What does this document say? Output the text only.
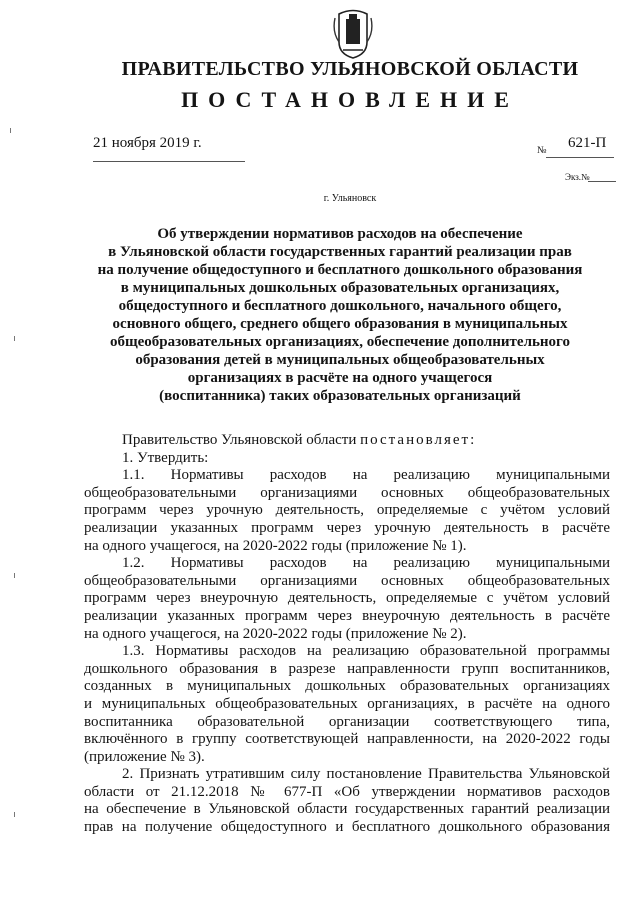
ПРАВИТЕЛЬСТВО УЛЬЯНОВСКОЙ ОБЛАСТИ
ПОСТАНОВЛЕНИЕ
21 ноября 2019 г.	№ 621-П
Экз.№
г. Ульяновск
Об утверждении нормативов расходов на обеспечение
в Ульяновской области государственных гарантий реализации прав
на получение общедоступного и бесплатного дошкольного образования
в муниципальных дошкольных образовательных организациях,
общедоступного и бесплатного дошкольного, начального общего,
основного общего, среднего общего образования в муниципальных
общеобразовательных организациях, обеспечение дополнительного
образования детей в муниципальных общеобразовательных
организациях в расчёте на одного учащегося
(воспитанника) таких образовательных организаций

Правительство Ульяновской области постановляет:

1. Утвердить:

1.1. Нормативы расходов на реализацию муниципальными
общеобразовательными организациями основных общеобразовательных
программ через урочную деятельность, определяемые с учётом условий
реализации указанных программ через урочную деятельность в расчёте
на одного учащегося, на 2020-2022 годы (приложение № 1).

1.2. Нормативы расходов на реализацию муниципальными
общеобразовательными организациями основных общеобразовательных
программ через внеурочную деятельность, определяемые с учётом условий
реализации указанных программ через внеурочную деятельность в расчёте
на одного учащегося, на 2020-2022 годы (приложение № 2).

1.3. Нормативы расходов на реализацию образовательной программы
дошкольного образования в разрезе направленности групп воспитанников,
созданных в муниципальных дошкольных образовательных организациях
и муниципальных общеобразовательных организациях, в расчёте на одного
воспитанника образовательной организации соответствующего типа,
включённого в группу соответствующей направленности, на 2020-2022 годы
(приложение № 3).

2. Признать утратившим силу постановление Правительства Ульяновской
области от 21.12.2018 № 677-П «Об утверждении нормативов расходов
на обеспечение в Ульяновской области государственных гарантий реализации
прав на получение общедоступного и бесплатного дошкольного образования
